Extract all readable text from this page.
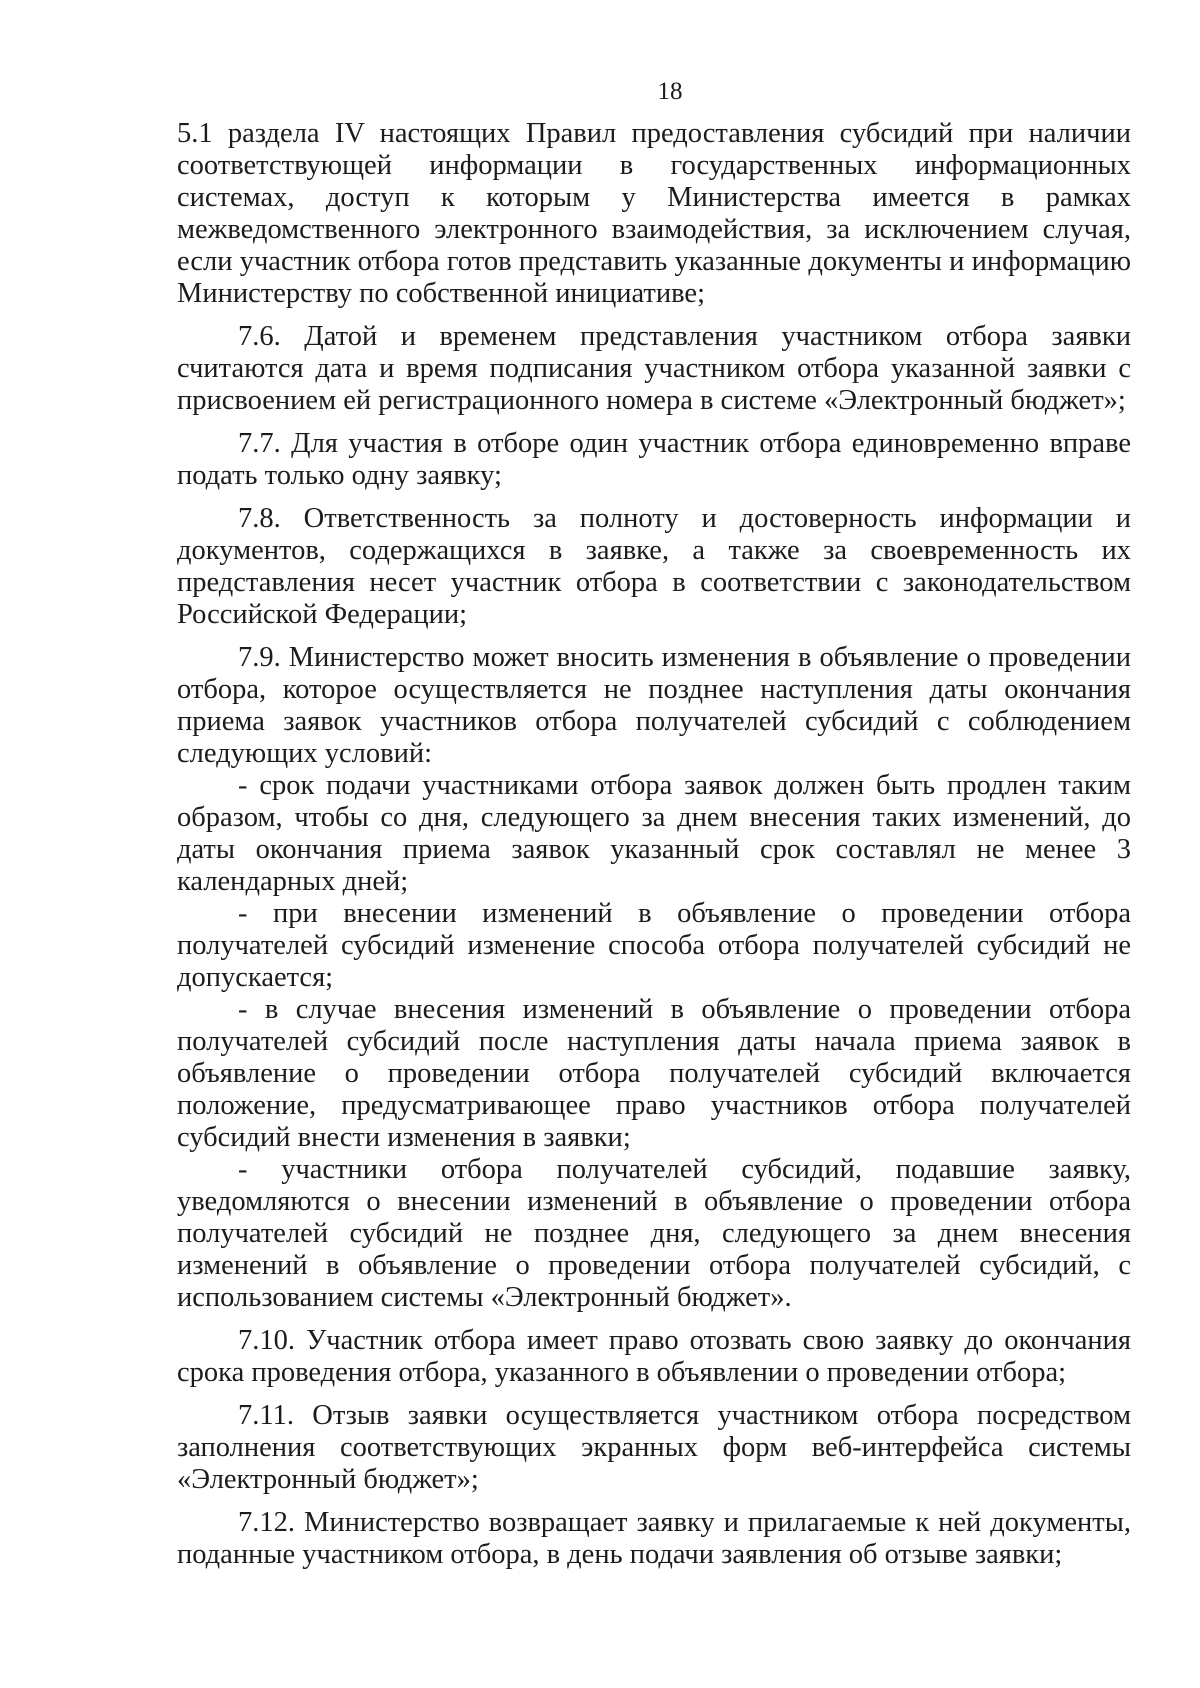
18

5.1 раздела IV настоящих Правил предоставления субсидий при наличии соответствующей информации в государственных информационных системах, доступ к которым у Министерства имеется в рамках межведомственного электронного взаимодействия, за исключением случая, если участник отбора готов представить указанные документы и информацию Министерству по собственной инициативе;

7.6. Датой и временем представления участником отбора заявки считаются дата и время подписания участником отбора указанной заявки с присвоением ей регистрационного номера в системе «Электронный бюджет»;

7.7. Для участия в отборе один участник отбора единовременно вправе подать только одну заявку;

7.8. Ответственность за полноту и достоверность информации и документов, содержащихся в заявке, а также за своевременность их представления несет участник отбора в соответствии с законодательством Российской Федерации;

7.9. Министерство может вносить изменения в объявление о проведении отбора, которое осуществляется не позднее наступления даты окончания приема заявок участников отбора получателей субсидий с соблюдением следующих условий:

- срок подачи участниками отбора заявок должен быть продлен таким образом, чтобы со дня, следующего за днем внесения таких изменений, до даты окончания приема заявок указанный срок составлял не менее 3 календарных дней;

- при внесении изменений в объявление о проведении отбора получателей субсидий изменение способа отбора получателей субсидий не допускается;

- в случае внесения изменений в объявление о проведении отбора получателей субсидий после наступления даты начала приема заявок в объявление о проведении отбора получателей субсидий включается положение, предусматривающее право участников отбора получателей субсидий внести изменения в заявки;

- участники отбора получателей субсидий, подавшие заявку, уведомляются о внесении изменений в объявление о проведении отбора получателей субсидий не позднее дня, следующего за днем внесения изменений в объявление о проведении отбора получателей субсидий, с использованием системы «Электронный бюджет».

7.10. Участник отбора имеет право отозвать свою заявку до окончания срока проведения отбора, указанного в объявлении о проведении отбора;

7.11. Отзыв заявки осуществляется участником отбора посредством заполнения соответствующих экранных форм веб-интерфейса системы «Электронный бюджет»;

7.12. Министерство возвращает заявку и прилагаемые к ней документы, поданные участником отбора, в день подачи заявления об отзыве заявки;
